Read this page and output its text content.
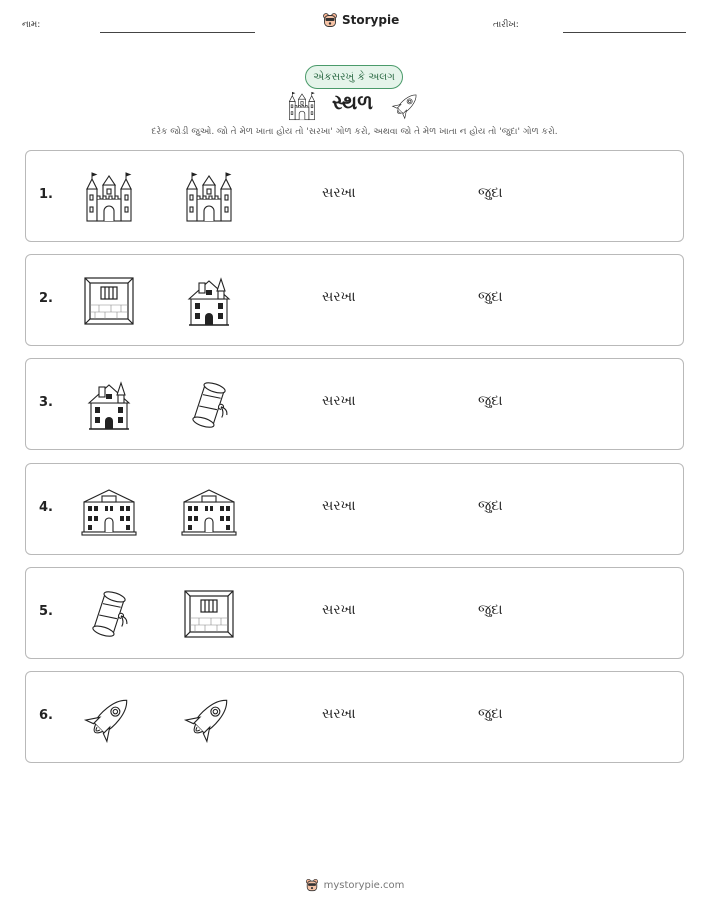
નામ:	Storypie	તારીખ:
એકસરખું કે અલગ
સ્થળ
દરેક જોડી જુઓ. જો તે મેળ ખાતા હોય તો 'સરખા' ગોળ કરો, અથવા જો તે મેળ ખાતા ન હોય તો 'જુદા' ગોળ કરો.
1.	સરખા	જુદા
2.	સરખા	જુદા
3.	સરખા	જુદા
4.	સરખા	જુદા
5.	સરખા	જુદા
6.	સરખા	જુદા
mystorypie.com
